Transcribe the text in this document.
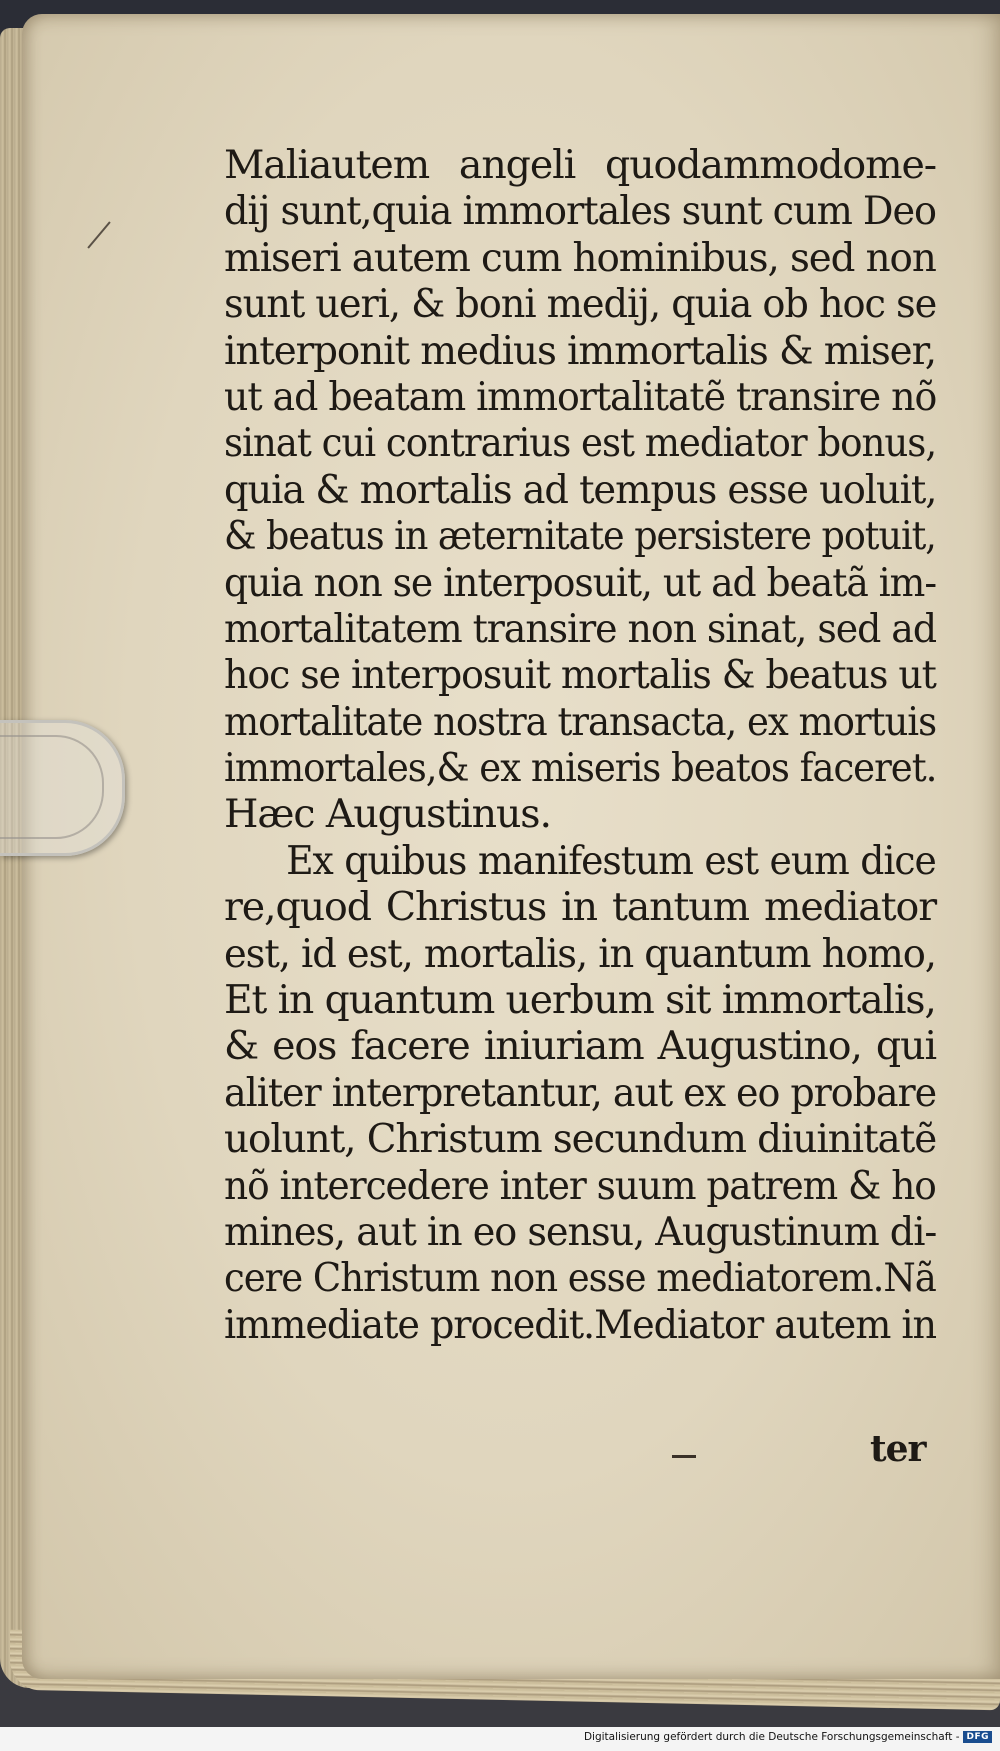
Maliautem angeli quodammodome-
dij sunt,quia immortales sunt cum Deo
miseri autem cum hominibus, sed non
sunt ueri, & boni medij, quia ob hoc se
interponit medius immortalis & miser,
ut ad beatam immortalitatẽ transire nõ
sinat cui contrarius est mediator bonus,
quia & mortalis ad tempus esse uoluit,
& beatus in æternitate persistere potuit,
quia non se interposuit, ut ad beatã im-
mortalitatem transire non sinat, sed ad
hoc se interposuit mortalis & beatus ut
mortalitate nostra transacta, ex mortuis
immortales,& ex miseris beatos faceret.
Hæc Augustinus.
Ex quibus manifestum est eum dice
re,quod Christus in tantum mediator
est, id est, mortalis, in quantum homo,
Et in quantum uerbum sit immortalis,
& eos facere iniuriam Augustino, qui
aliter interpretantur, aut ex eo probare
uolunt, Christum secundum diuinitatẽ
nõ intercedere inter suum patrem & ho
mines, aut in eo sensu, Augustinum di-
cere Christum non esse mediatorem.Nã
immediate procedit.Mediator autem in
ter
Digitalisierung gefördert durch die Deutsche Forschungsgemeinschaft - DFG
